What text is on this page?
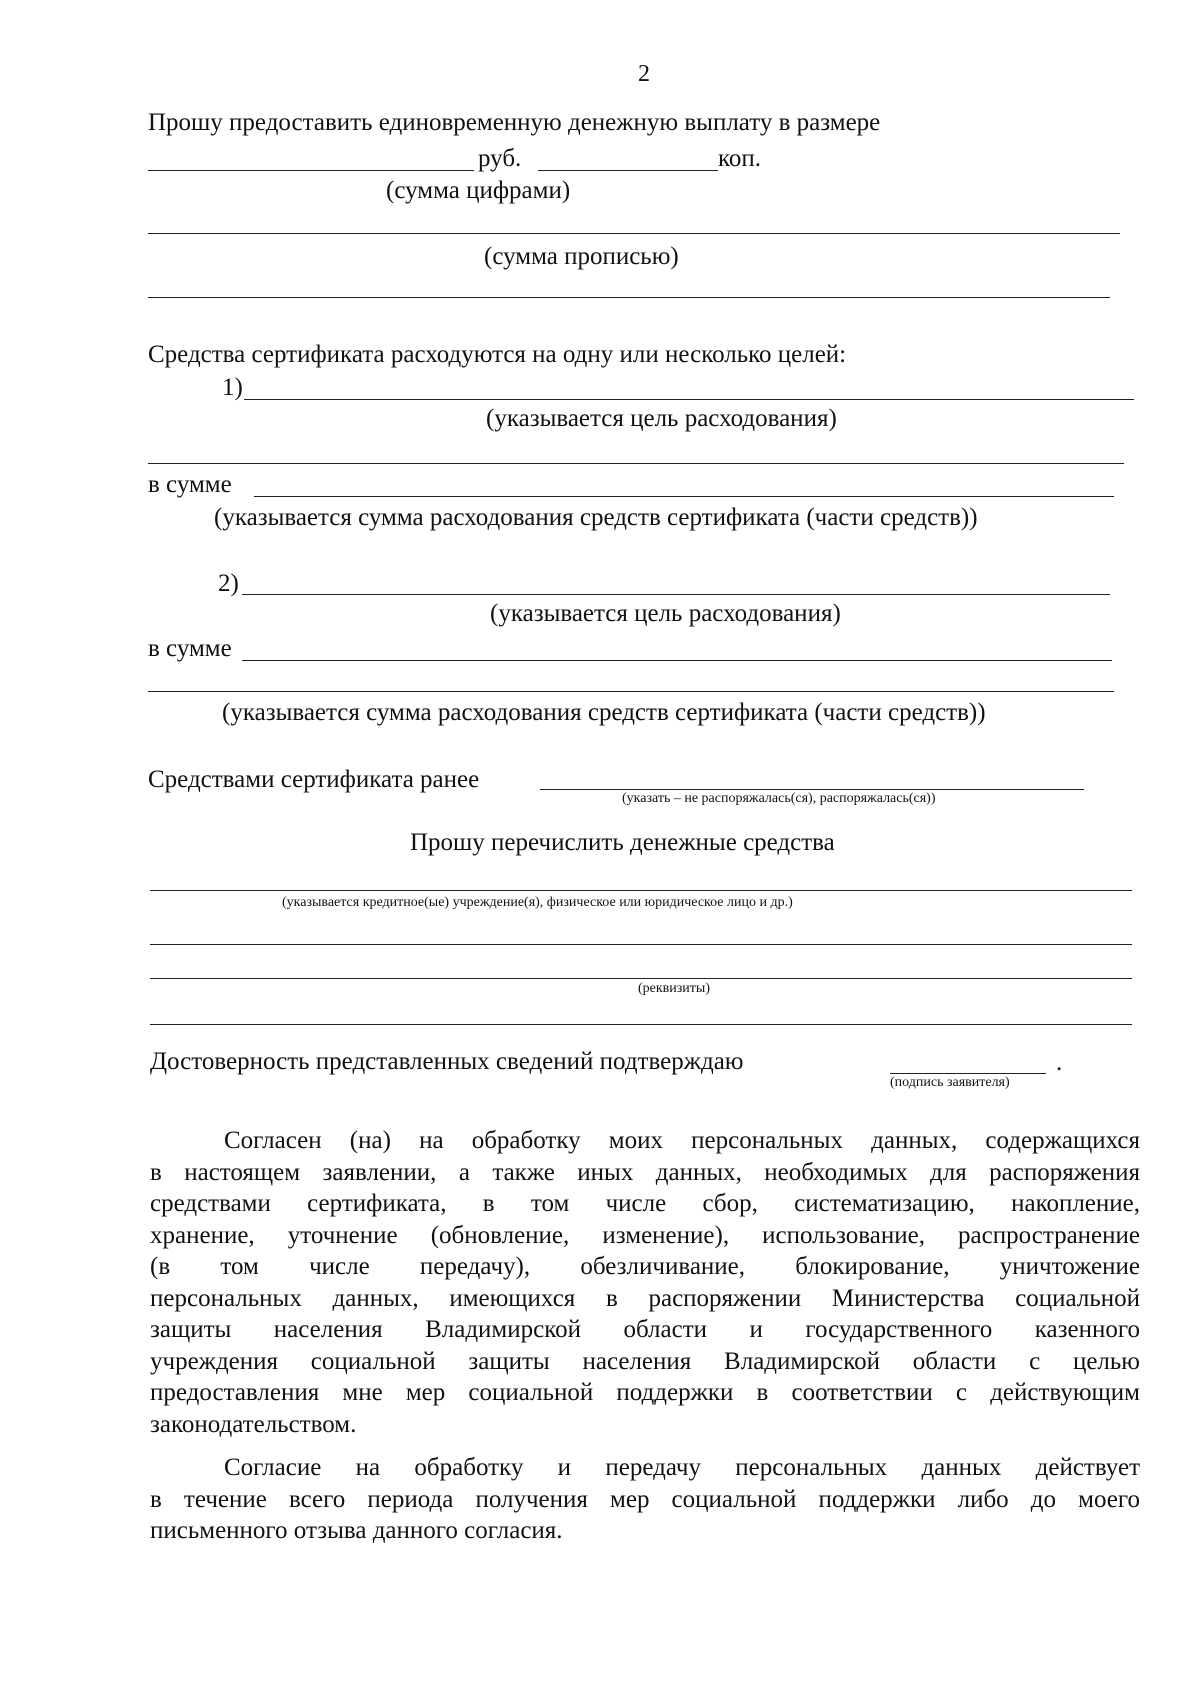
2
Прошу предоставить единовременную денежную выплату в размере
руб.	коп.
(сумма цифрами)
(сумма прописью)
Средства сертификата расходуются на одну или несколько целей:
1)
(указывается цель расходования)
в сумме
(указывается сумма расходования средств сертификата (части средств))
2)
(указывается цель расходования)
в сумме
(указывается сумма расходования средств сертификата (части средств))
Средствами сертификата ранее
(указать – не распоряжалась(ся), распоряжалась(ся))
Прошу перечислить денежные средства
(указывается кредитное(ые) учреждение(я), физическое или юридическое лицо и др.)
(реквизиты)
Достоверность представленных сведений подтверждаю	.
(подпись заявителя)
Согласен (на) на обработку моих персональных данных, содержащихся
в настоящем заявлении, а также иных данных, необходимых для распоряжения
средствами сертификата, в том числе сбор, систематизацию, накопление,
хранение, уточнение (обновление, изменение), использование, распространение
(в том числе передачу), обезличивание, блокирование, уничтожение
персональных данных, имеющихся в распоряжении Министерства социальной
защиты населения Владимирской области и государственного казенного
учреждения социальной защиты населения Владимирской области с целью
предоставления мне мер социальной поддержки в соответствии с действующим
законодательством.
Согласие на обработку и передачу персональных данных действует
в течение всего периода получения мер социальной поддержки либо до моего
письменного отзыва данного согласия.
